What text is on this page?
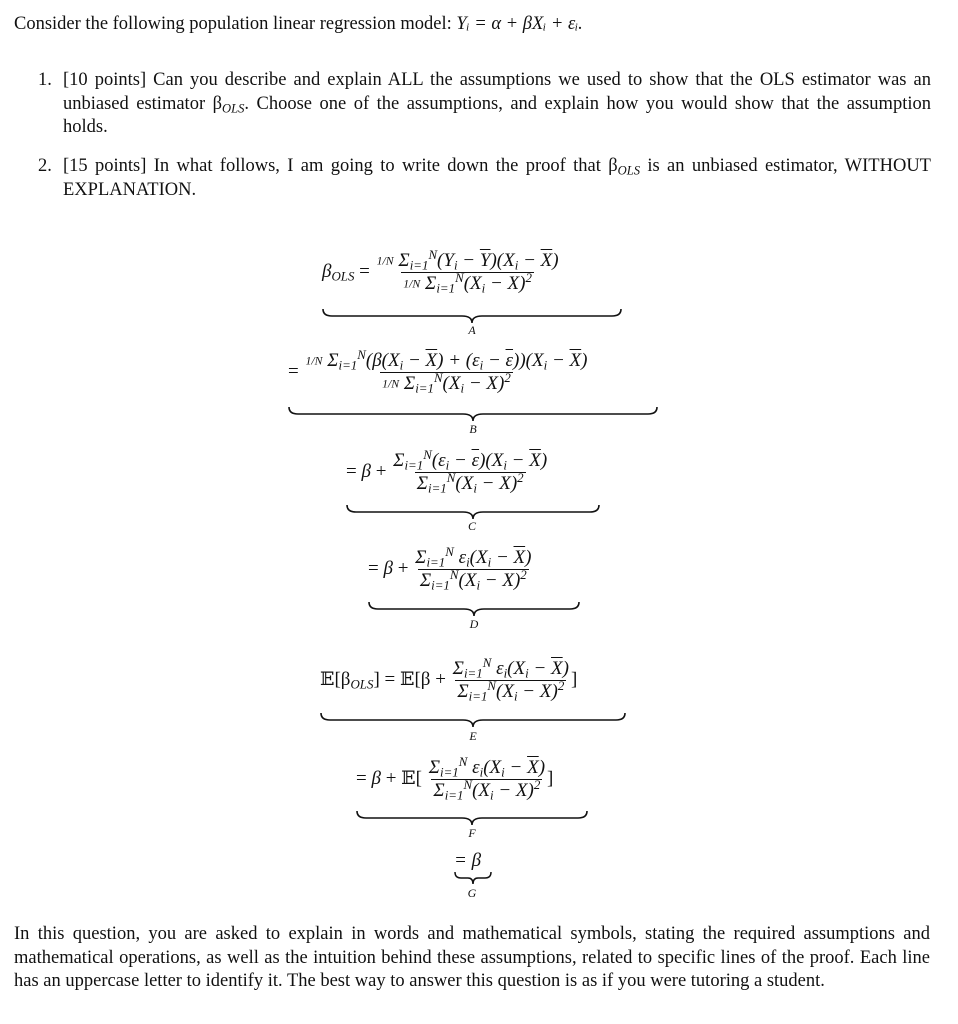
Consider the following population linear regression model: Yᵢ = α + βXᵢ + εᵢ.
1. [10 points] Can you describe and explain ALL the assumptions we used to show that the OLS estimator was an unbiased estimator $\beta_{OLS}$. Choose one of the assumptions, and explain how you would show that the assumption holds.
2. [15 points] In what follows, I am going to write down the proof that $\beta_{OLS}$ is an unbiased estimator, WITHOUT EXPLANATION.
$\beta_{OLS} = \frac{1/N \Sigma_{i=1}^N(Y_i - \overline{Y})(X_i - \overline{X})}{1/N \Sigma_{i=1}^N(X_i - \overline{X})^2}$
A
= $\frac{1/N \Sigma_{i=1}^N(\beta(X_i - \overline{X}) + (\varepsilon_i - \overline{\varepsilon}))(X_i - \overline{X})}{1/N \Sigma_{i=1}^N(X_i - \overline{X})^2}$
B
= $\beta + \frac{\Sigma_{i=1}^N(\varepsilon_i - \overline{\varepsilon})(X_i - \overline{X})}{\Sigma_{i=1}^N(X_i - \overline{X})^2}$
C
= $\beta + \frac{\Sigma_{i=1}^N \varepsilon_i(X_i - \overline{X})}{\Sigma_{i=1}^N(X_i - \overline{X})^2}$
D
$𝔼[\beta_{OLS}]$ = 𝔼[β + $\frac{\Sigma_{i=1}^N \varepsilon_i(X_i - \overline{X})}{\Sigma_{i=1}^N(X_i - \overline{X})^2}$ ]
E
= β + 𝔼[ $\frac{\Sigma_{i=1}^N \varepsilon_i(X_i - \overline{X})}{\Sigma_{i=1}^N(X_i - \overline{X})^2}$ ]
F
= β
G
In this question, you are asked to explain in words and mathematical symbols, stating the required assumptions and mathematical operations, as well as the intuition behind these assumptions, related to specific lines of the proof. Each line has an uppercase letter to identify it. The best way to answer this question is as if you were tutoring a student.
